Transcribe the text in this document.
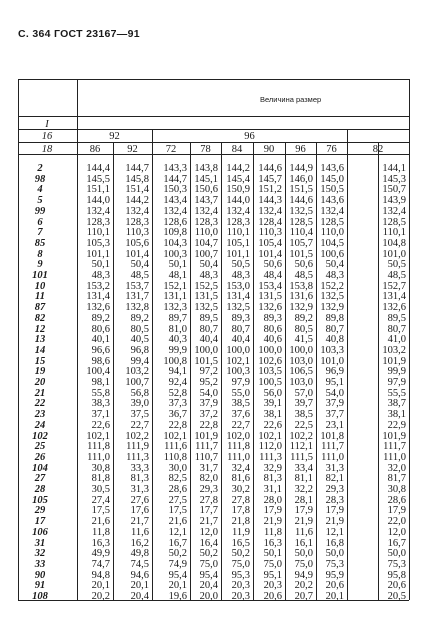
С. 364 ГОСТ 23167—91
Величина размер
I
16	92	96
18	86	92	72	78	84	90	96	76	82
2	144,4	144,7	143,3 143,8 144,2 144,6 144,9 143,6	144,1
98	145,5	145,8	144,7 145,1 145,4 145,7 146,0 145,0	145,3
4	151,1	151,4	150,3 150,6 150,9 151,2 151,5 150,5	150,7
5	144,0	144,2	143,4 143,7 144,0 144,3 144,6 143,6	143,9
99	132,4	132,4	132,4 132,4 132,4 132,4 132,5 132,4	132,4
6	128,3	128,3	128,6 128,3 128,3 128,4 128,5 128,5	128,5
7	110,1	110,3	109,8 110,0 110,1 110,3 110,4 110,0	110,1
85	105,3	105,6	104,3 104,7 105,1 105,4 105,7 104,5	104,8
8	101,1	101,4	100,3 100,7 101,1 101,4 101,5 100,6	101,0
9	50,1	50,4	50,1	50,4	50,5	50,6	50,6	50,4	50,5
101	48,3	48,5	48,1	48,3	48,3	48,4	48,5	48,3	48,5
10	153,2	153,7	152,1 152,5 153,0 153,4 153,8 152,2	152,7
11	131,4	131,7	131,1 131,5 131,4 131,5 131,6 132,5	131,4
87	132,6	132,8	132,3 132,5 132,5 132,6 132,9 132,9	132,6
82	89,2	89,2	89,7	89,5	89,3	89,3	89,2	89,8	89,5
12	80,6	80,5	81,0	80,7	80,7	80,6	80,5	80,7	80,7
13	40,1	40,5	40,3	40,4	40,4	40,6	41,5	40,8	41,0
14	96,6	96,8	99,9 100,0 100,0 100,0 100,0 103,3	103,2
15	98,6	99,4	100,8 101,5 102,1 102,6 103,0 101,0	101,9
19	100,4	103,2	94,1	97,2 100,3 103,5 106,5	96,9	99,9
20	98,1	100,7	92,4	95,2	97,9 100,5 103,0	95,1	97,9
21	55,8	56,8	52,8	54,0	55,0	56,0	57,0	54,0	55,5
22	38,3	39,0	37,3	37,9	38,5	39,1	39,7	37,9	38,7
23	37,1	37,5	36,7	37,2	37,6	38,1	38,5	37,7	38,1
24	22,6	22,7	22,8	22,8	22,7	22,6	22,5	23,1	22,9
102	102,1	102,2	102,1 101,9 102,0 102,1 102,2 101,8	101,9
25	111,8	111,9	111,6 111,7 111,8 112,0 112,1 111,7	111,7
26	111,0	111,3	110,8 110,7 111,0 111,3 111,5 111,0	111,0
104	30,8	33,3	30,0	31,7	32,4	32,9	33,4	31,3	32,0
27	81,8	81,3	82,5	82,0	81,6	81,3	81,1	82,1	81,7
28	30,5	31,3	28,6	29,3	30,2	31,1	32,2	29,3	30,8
105	27,4	27,6	27,5	27,8	27,8	28,0	28,1	28,3	28,6
29	17,5	17,6	17,5	17,7	17,8	17,9	17,9	17,9	17,9
17	21,6	21,7	21,6	21,7	21,8	21,9	21,9	21,9	22,0
106	11,8	11,6	12,1	12,0	11,9	11,8	11,6	12,1	12,0
31	16,3	16,2	16,7	16,4	16,5	16,3	16,1	16,8	16,7
32	49,9	49,8	50,2	50,2	50,2	50,1	50,0	50,0	50,0
33	74,7	74,5	74,9	75,0	75,0	75,0	75,0	75,3	75,3
90	94,8	94,6	95,4	95,4	95,3	95,1	94,9	95,9	95,8
91	20,1	20,1	20,1	20,4	20,3	20,3	20,2	20,6	20,6
108	20,2	20,4	19,6	20,0	20,3	20,6	20,7	20,1	20,5
